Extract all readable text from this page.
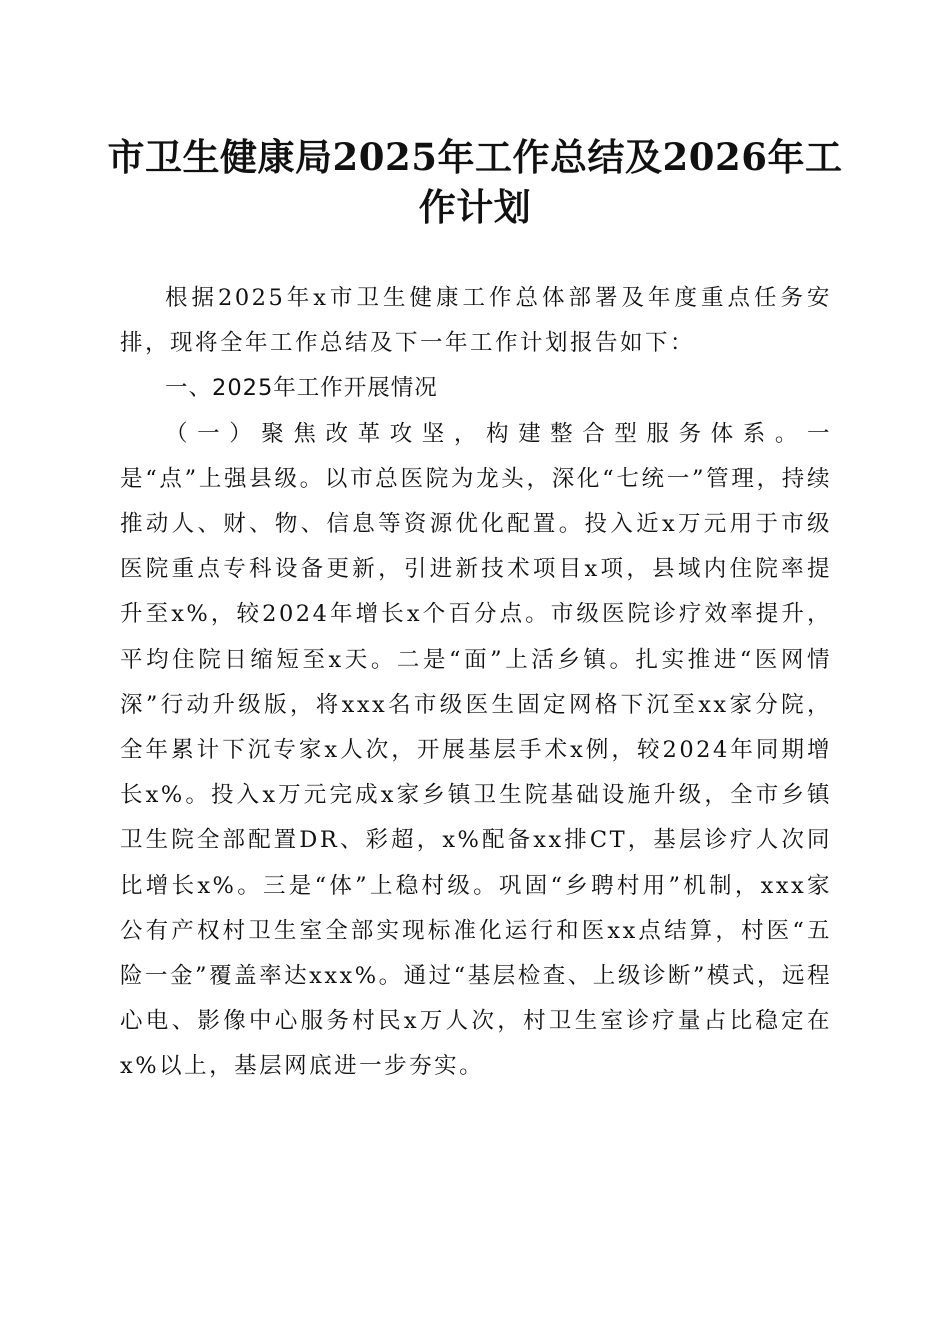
市卫生健康局2025年工作总结及2026年工作计划

根据2025年x市卫生健康工作总体部署及年度重点任务安排，现将全年工作总结及下一年工作计划报告如下：

一、2025年工作开展情况

（一）聚焦改革攻坚，构建整合型服务体系。一是“点”上强县级。以市总医院为龙头，深化“七统一”管理，持续推动人、财、物、信息等资源优化配置。投入近x万元用于市级医院重点专科设备更新，引进新技术项目x项，县域内住院率提升至x%，较2024年增长x个百分点。市级医院诊疗效率提升，平均住院日缩短至x天。二是“面”上活乡镇。扎实推进“医网情深”行动升级版，将xxx名市级医生固定网格下沉至xx家分院，全年累计下沉专家x人次，开展基层手术x例，较2024年同期增长x%。投入x万元完成x家乡镇卫生院基础设施升级，全市乡镇卫生院全部配置DR、彩超，x%配备xx排CT，基层诊疗人次同比增长x%。三是“体”上稳村级。巩固“乡聘村用”机制，xxx家公有产权村卫生室全部实现标准化运行和医xx点结算，村医“五险一金”覆盖率达xxx%。通过“基层检查、上级诊断”模式，远程心电、影像中心服务村民x万人次，村卫生室诊疗量占比稳定在x%以上，基层网底进一步夯实。
